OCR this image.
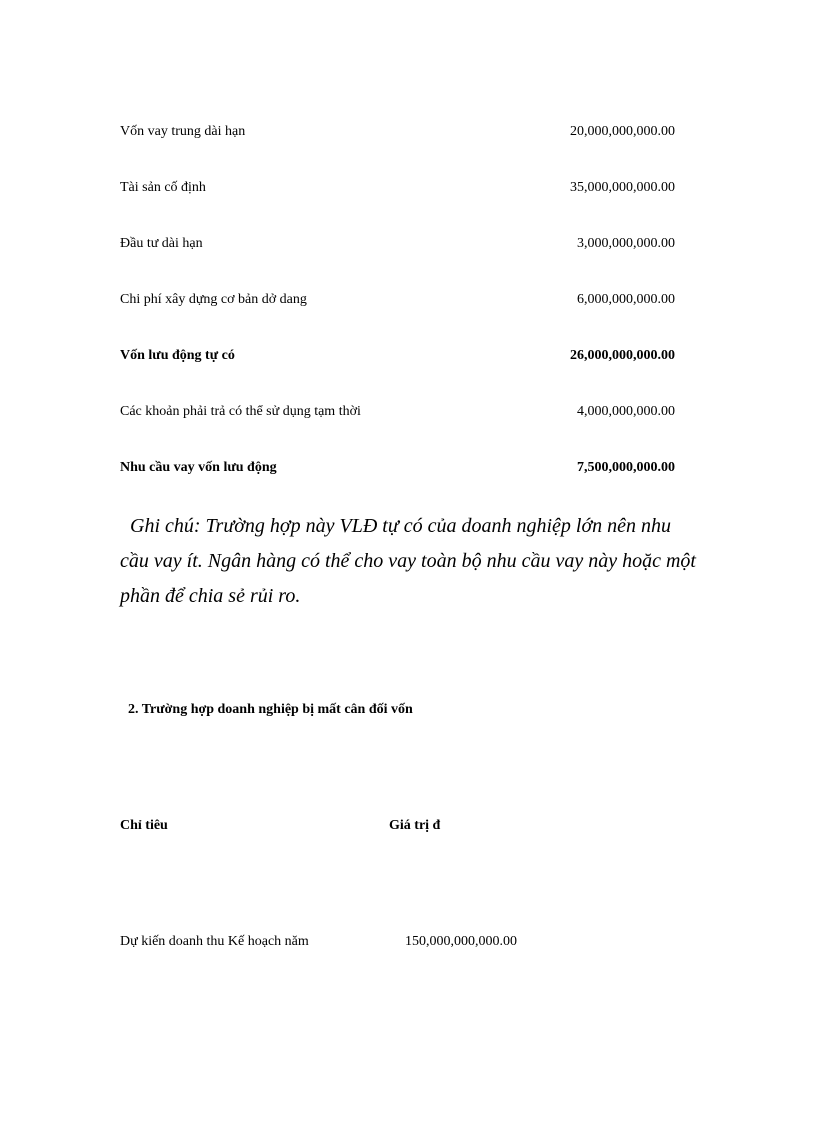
Vốn vay trung dài hạn	20,000,000,000.00
Tài sản cố định	35,000,000,000.00
Đầu tư dài hạn	3,000,000,000.00
Chi phí xây dựng cơ bản dở dang	6,000,000,000.00
Vốn lưu động tự có	26,000,000,000.00
Các khoản phải trả có thể sử dụng tạm thời	4,000,000,000.00
Nhu cầu vay vốn lưu động	7,500,000,000.00
Ghi chú: Trường hợp này VLĐ tự có của doanh nghiệp lớn nên nhu cầu vay ít. Ngân hàng có thể cho vay toàn bộ nhu cầu vay này hoặc một phần để chia sẻ rủi ro.
2. Trường hợp doanh nghiệp bị mất cân đối vốn
Chỉ tiêu	Giá trị đ
Dự kiến doanh thu Kế hoạch năm	150,000,000,000.00
